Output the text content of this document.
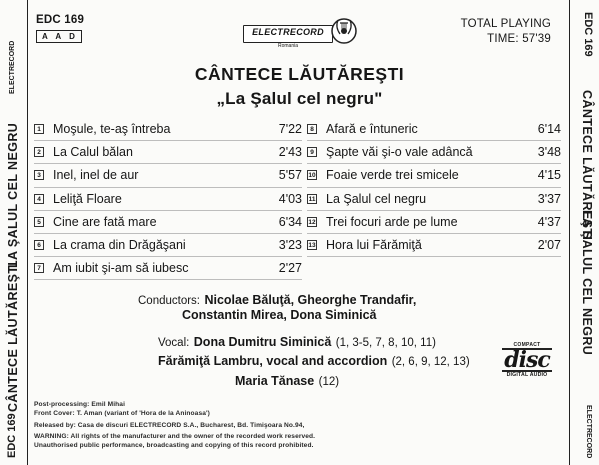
ELECTRECORD
CÂNTECE LĂUTĂREŞTI
LA ŞALUL CEL NEGRU
EDC 169
EDC 169
CÂNTECE LĂUTĂREŞTI
LA ŞALUL CEL NEGRU
ELECTRECORD
EDC 169
A A D	ELECTRECORD
Romania
TOTAL PLAYING
TIME: 57'39
CÂNTECE LĂUTĂREŞTI
„La Şalul cel negru"
1 Moşule, te-aş întreba	7'22
2 La Calul bălan	2'43
3 Inel, inel de aur	5'57
4 Leliţă Floare	4'03
5 Cine are fată mare	6'34
6 La crama din Drăgăşani	3'23
7 Am iubit şi-am să iubesc	2'27
8 Afară e întuneric	6'14
9 Şapte văi şi-o vale adâncă	3'48
10 Foaie verde trei smicele	4'15
11 La Şalul cel negru	3'37
12 Trei focuri arde pe lume	4'37
13 Hora lui Fărămiţă	2'07
Conductors: Nicolae Băluţă, Gheorghe Trandafir,
Constantin Mirea, Dona Siminică
Vocal: Dona Dumitru Siminică (1, 3-5, 7, 8, 10, 11)
Fărămiţă Lambru, vocal and accordion (2, 6, 9, 12, 13)
Maria Tănase (12)
COMPACT
disc
DIGITAL AUDIO
Post-processing: Emil Mihai
Front Cover: T. Aman (variant of 'Hora de la Aninoasa')
Released by: Casa de discuri ELECTRECORD S.A., Bucharest, Bd. Timişoara No.94,
WARNING: All rights of the manufacturer and the owner of the recorded work reserved.
Unauthorised public performance, broadcasting and copying of this record prohibited.
